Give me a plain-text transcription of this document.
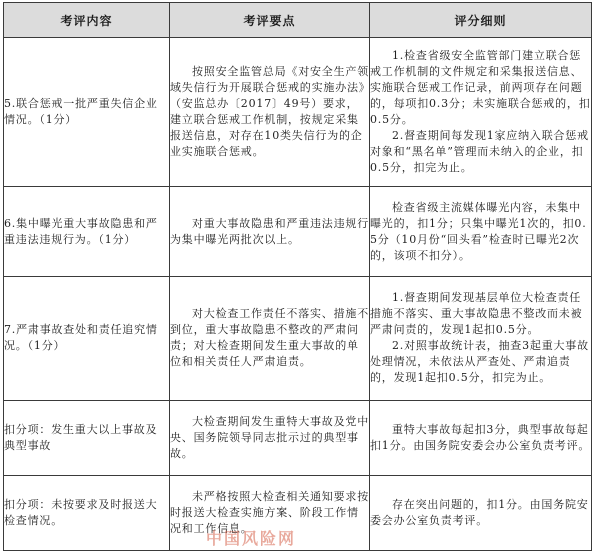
考评内容	考评要点	评分细则
5.联合惩戒一批严重失信企业情况。（1分）	按照安全监管总局《对安全生产领域失信行为开展联合惩戒的实施办法》（安监总办〔2017〕49号）要求，建立联合惩戒工作机制，按规定采集报送信息，对存在10类失信行为的企业实施联合惩戒。	1.检查省级安全监管部门建立联合惩戒工作机制的文件规定和采集报送信息、实施联合惩戒工作记录，前两项存在问题的，每项扣0.3分；未实施联合惩戒的，扣0.5分。
2.督查期间每发现1家应纳入联合惩戒对象和“黑名单”管理而未纳入的企业，扣0.5分，扣完为止。

6.集中曝光重大事故隐患和严重违法违规行为。（1分）	对重大事故隐患和严重违法违规行为集中曝光两批次以上。	检查省级主流媒体曝光内容，未集中曝光的，扣1分；只集中曝光1次的，扣0.5分（10月份“回头看”检查时已曝光2次的，该项不扣分）。

7.严肃事故查处和责任追究情况。（1分）	对大检查工作责任不落实、措施不到位，重大事故隐患不整改的严肃问责；对大检查期间发生重大事故的单位和相关责任人严肃追责。	1.督查期间发现基层单位大检查责任措施不落实、重大事故隐患不整改而未被严肃问责的，发现1起扣0.5分。
2.对照事故统计表，抽查3起重大事故处理情况，未依法从严查处、严肃追责的，发现1起扣0.5分，扣完为止。

扣分项：发生重大以上事故及典型事故	大检查期间发生重特大事故及党中央、国务院领导同志批示过的典型事故。	重特大事故每起扣3分，典型事故每起扣1分。由国务院安委会办公室负责考评。

扣分项：未按要求及时报送大检查情况。	未严格按照大检查相关通知要求按时报送大检查实施方案、阶段工作情况和工作信息。	存在突出问题的，扣1分。由国务院安委会办公室负责考评。
中国风险网
